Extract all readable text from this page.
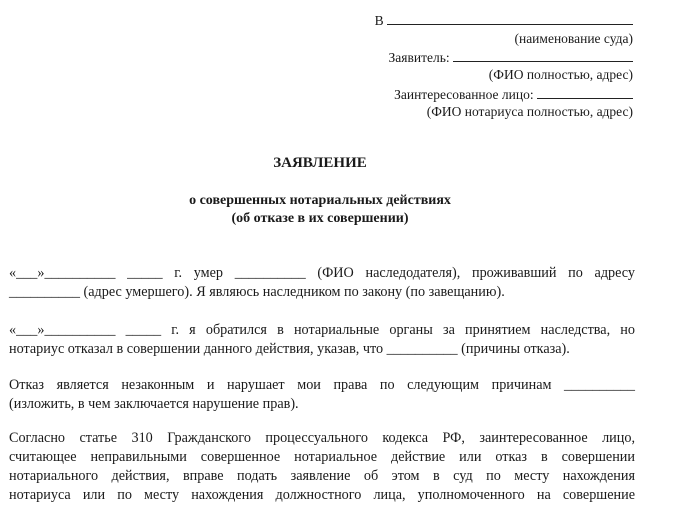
В
(наименование суда)
Заявитель:
(ФИО полностью, адрес)
Заинтересованное лицо:
(ФИО нотариуса полностью, адрес)
ЗАЯВЛЕНИЕ
о совершенных нотариальных действиях
(об отказе в их совершении)
«___»__________ _____ г. умер __________ (ФИО наследодателя), проживавший по адресу
__________ (адрес умершего). Я являюсь наследником по закону (по завещанию).
«___»__________ _____ г. я обратился в нотариальные органы за принятием наследства, но
нотариус отказал в совершении данного действия, указав, что __________ (причины отказа).
Отказ является незаконным и нарушает мои права по следующим причинам __________
(изложить, в чем заключается нарушение прав).
Согласно статье 310 Гражданского процессуального кодекса РФ, заинтересованное лицо,
считающее неправильными совершенное нотариальное действие или отказ в совершении
нотариального действия, вправе подать заявление об этом в суд по месту нахождения
нотариуса или по месту нахождения должностного лица, уполномоченного на совершение
